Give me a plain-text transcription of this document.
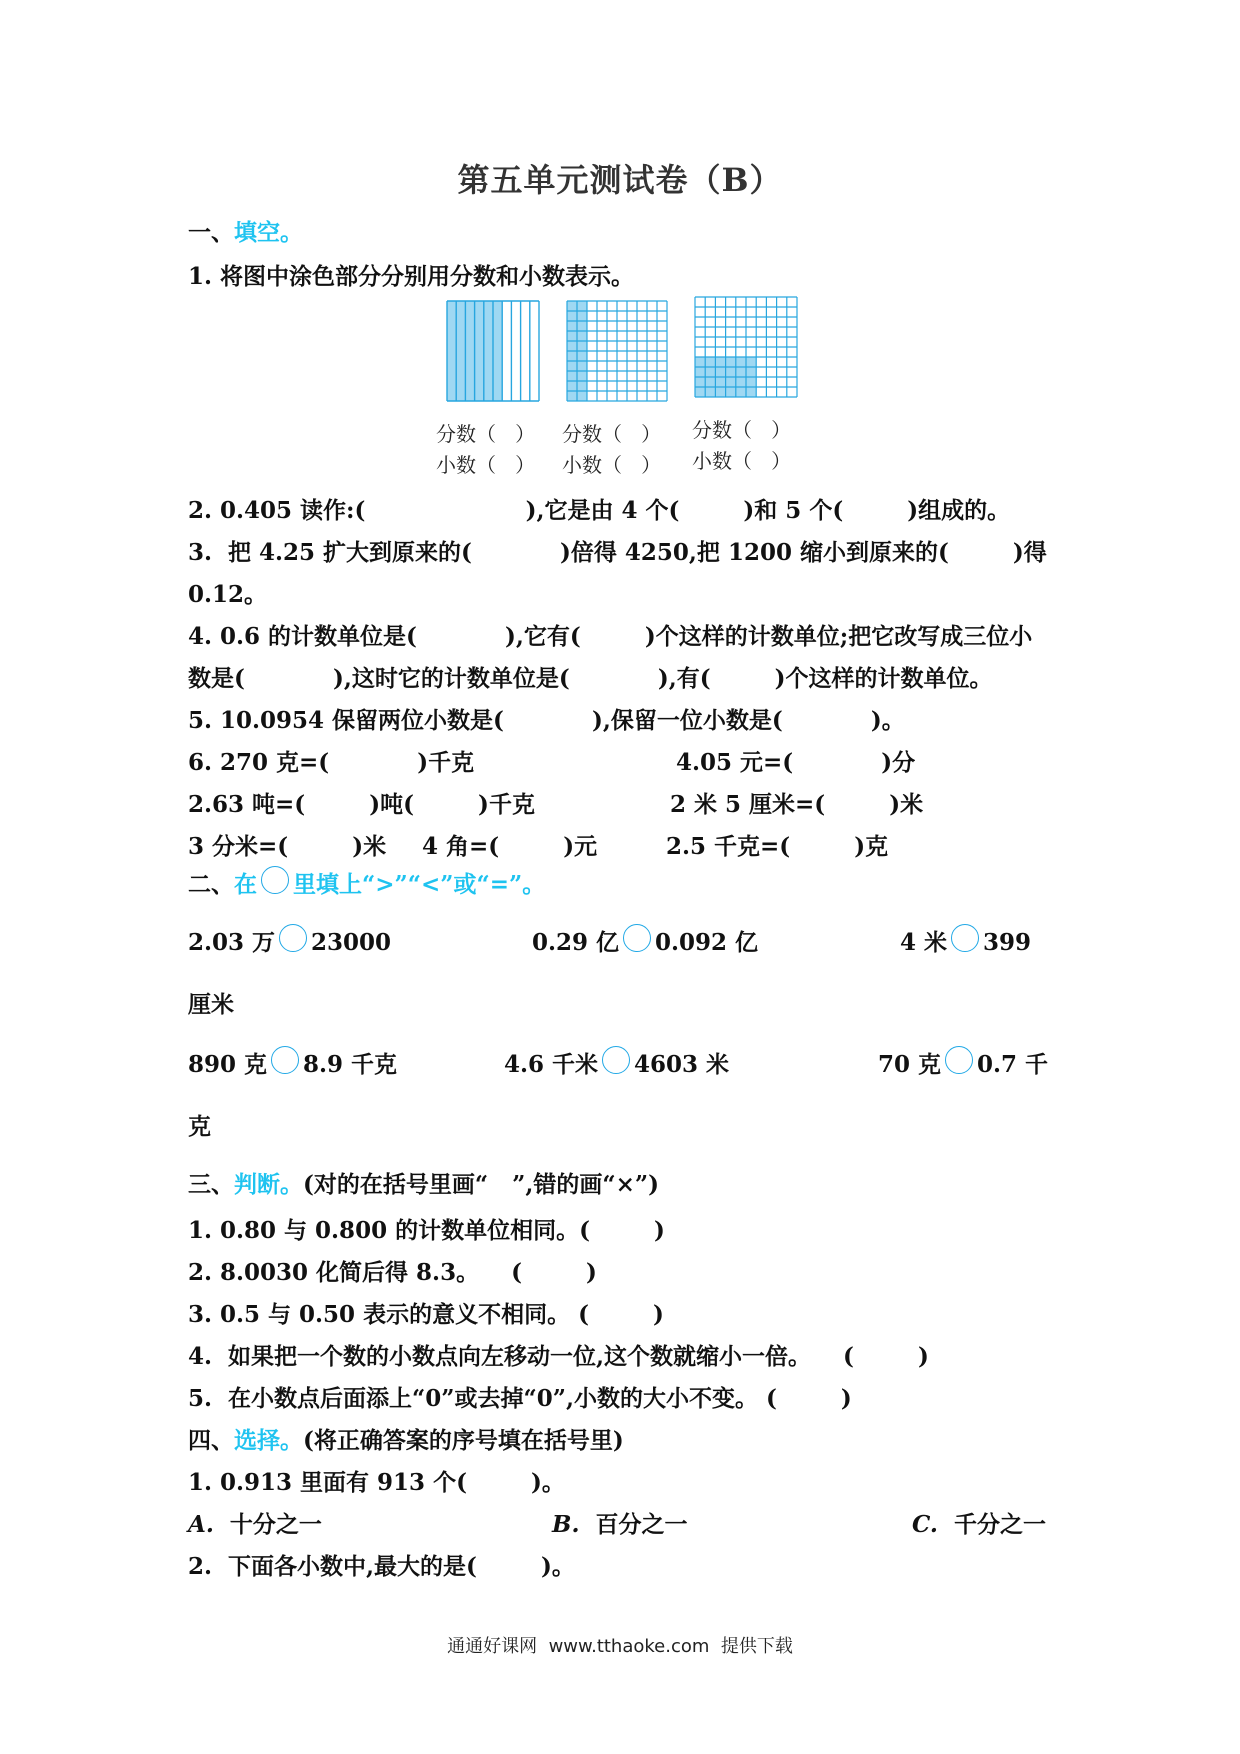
第五单元测试卷（B）
一、填空。
1. 将图中涂色部分分别用分数和小数表示。
分数（   ）
小数（   ）
分数（   ）
小数（   ）
分数（   ）
小数（   ）
2. 0.405 读作:(                    ),它是由 4 个(        )和 5 个(        )组成的。
3.  把 4.25 扩大到原来的(           )倍得 4250,把 1200 缩小到原来的(        )得
0.12。
4. 0.6 的计数单位是(           ),它有(        )个这样的计数单位;把它改写成三位小
数是(           ),这时它的计数单位是(           ),有(        )个这样的计数单位。
5. 10.0954 保留两位小数是(           ),保留一位小数是(           )。
6. 270 克=(           )千克	4.05 元=(           )分
2.63 吨=(        )吨(        )千克	2 米 5 厘米=(        )米
3 分米=(        )米 4 角=(        )元	2.5 千克=(        )克
二、在 里填上“>”“<”或“=”。
2.03 万 23000	0.29 亿 0.092 亿	4 米 399
厘米
890 克 8.9 千克	4.6 千米 4603 米	70 克 0.7 千
克
三、判断。(对的在括号里画“   ”,错的画“×”)
1. 0.80 与 0.800 的计数单位相同。(        )
2. 8.0030 化简后得 8.3。    (        )
3. 0.5 与 0.50 表示的意义不相同。 (        )
4.  如果把一个数的小数点向左移动一位,这个数就缩小一倍。    (        )
5.  在小数点后面添上“0”或去掉“0”,小数的大小不变。 (        )
四、选择。(将正确答案的序号填在括号里)
1. 0.913 里面有 913 个(        )。
A. 十分之一	B. 百分之一	C. 千分之一
2.  下面各小数中,最大的是(        )。
通通好课网  www.tthaoke.com  提供下载
